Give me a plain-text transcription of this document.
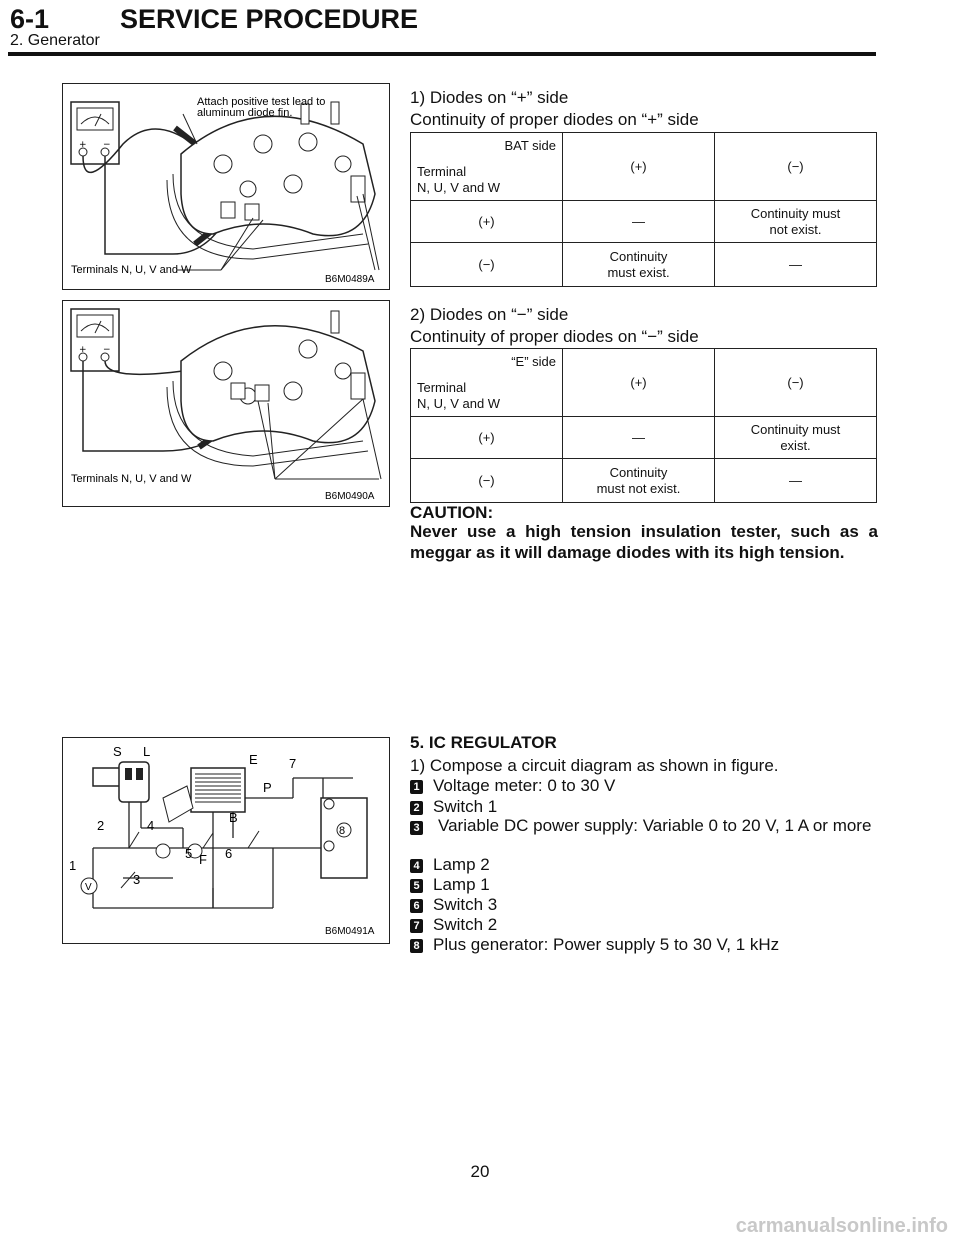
6-1	SERVICE PROCEDURE
2. Generator
+ −
Attach positive test lead to
aluminum diode fin.
Terminals N, U, V and W
B6M0489A
+ −
Terminals N, U, V and W
B6M0490A
S L
E
F
B
P
V
1
2
3
4
5	6
7
8
B6M0491A
1) Diodes on “+” side
Continuity of proper diodes on “+” side
BAT side
Terminal
N, U, V and W	(+)	(−)
(+)	—	Continuity must
not exist.
(−)	Continuity
must exist.	—
2) Diodes on “−” side
Continuity of proper diodes on “−” side
“E” side
Terminal
N, U, V and W	(+)	(−)
(+)	—	Continuity must
exist.
(−)	Continuity
must not exist.	—
CAUTION:
Never use a high tension insulation tester, such as a meggar as it will damage diodes with its high tension.
5. IC REGULATOR
1) Compose a circuit diagram as shown in figure.
1 Voltage meter: 0 to 30 V
2 Switch 1
3	Variable DC power supply: Variable 0 to 20 V, 1 A or more
4 Lamp 2
5 Lamp 1
6 Switch 3
7 Switch 2
8 Plus generator: Power supply 5 to 30 V, 1 kHz
20
carmanualsonline.info
